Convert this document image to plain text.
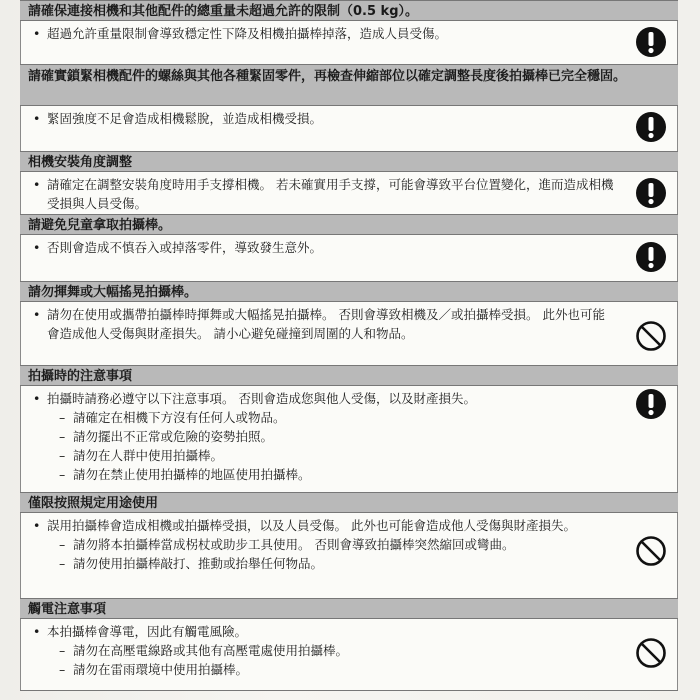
請確保連接相機和其他配件的總重量未超過允許的限制（0.5 kg）。
• 超過允許重量限制會導致穩定性下降及相機拍攝棒掉落，造成人員受傷。
請確實鎖緊相機配件的螺絲與其他各種緊固零件，再檢查伸縮部位以確定調整長度後拍攝棒已完全穩固。
• 緊固強度不足會造成相機鬆脫，並造成相機受損。
相機安裝角度調整
• 請確定在調整安裝角度時用手支撐相機。 若未確實用手支撐，可能會導致平台位置變化，進而造成相機受損與人員受傷。
請避免兒童拿取拍攝棒。
• 否則會造成不慎吞入或掉落零件，導致發生意外。
請勿揮舞或大幅搖晃拍攝棒。
• 請勿在使用或攜帶拍攝棒時揮舞或大幅搖晃拍攝棒。 否則會導致相機及／或拍攝棒受損。 此外也可能會造成他人受傷與財產損失。 請小心避免碰撞到周圍的人和物品。
拍攝時的注意事項
• 拍攝時請務必遵守以下注意事項。 否則會造成您與他人受傷，以及財產損失。
– 請確定在相機下方沒有任何人或物品。
– 請勿擺出不正常或危險的姿勢拍照。
– 請勿在人群中使用拍攝棒。
– 請勿在禁止使用拍攝棒的地區使用拍攝棒。
僅限按照規定用途使用
• 誤用拍攝棒會造成相機或拍攝棒受損，以及人員受傷。 此外也可能會造成他人受傷與財產損失。
– 請勿將本拍攝棒當成柺杖或助步工具使用。 否則會導致拍攝棒突然縮回或彎曲。
– 請勿使用拍攝棒敲打、推動或抬舉任何物品。
觸電注意事項
• 本拍攝棒會導電，因此有觸電風險。
– 請勿在高壓電線路或其他有高壓電處使用拍攝棒。
– 請勿在雷雨環境中使用拍攝棒。
